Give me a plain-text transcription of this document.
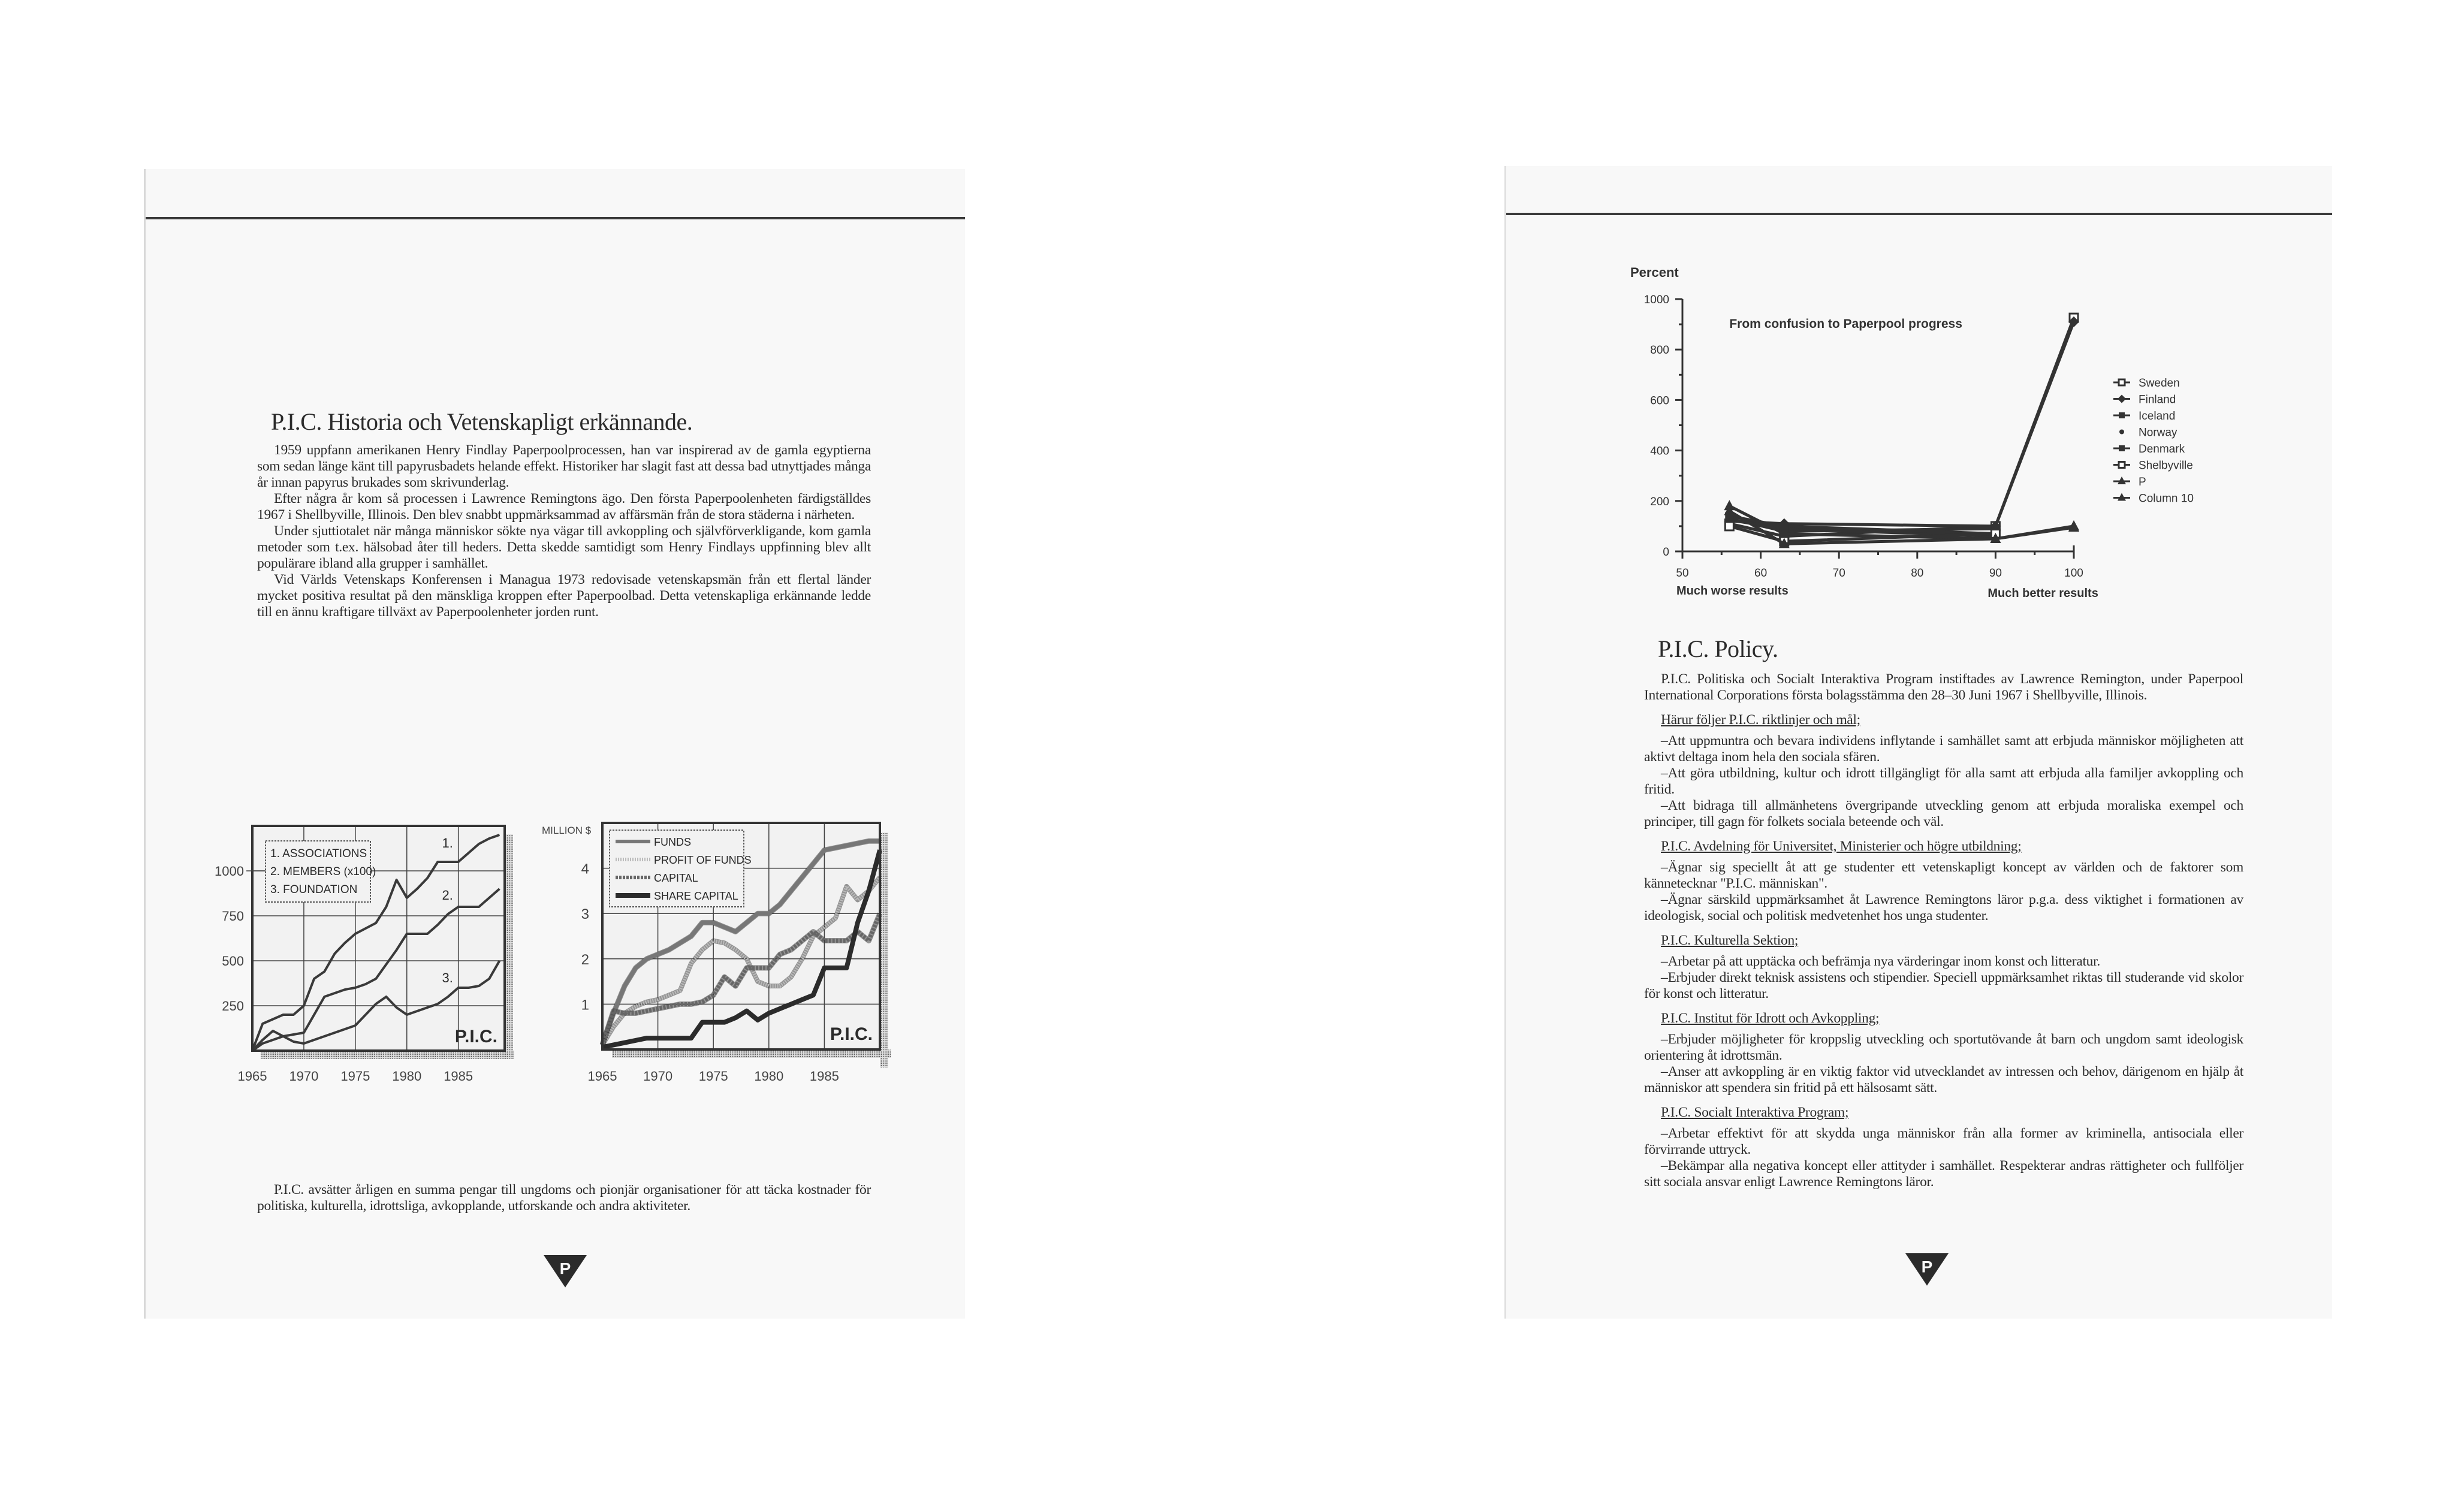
P.I.C. Historia och Vetenskapligt erkännande.

1959 uppfann amerikanen Henry Findlay Paperpoolprocessen, han var inspirerad av de gamla egyptierna som sedan länge känt till papyrusbadets helande effekt. Historiker har slagit fast att dessa bad utnyttjades många år innan papyrus brukades som skrivunderlag.

Efter några år kom så processen i Lawrence Remingtons ägo. Den första Paperpoolenheten färdigställdes 1967 i Shellbyville, Illinois. Den blev snabbt uppmärksammad av affärsmän från de stora städerna i närheten.

Under sjuttiotalet när många människor sökte nya vägar till avkoppling och självförverkligande, kom gamla metoder som t.ex. hälsobad åter till heders. Detta skedde samtidigt som Henry Findlays uppfinning blev allt populärare ibland alla grupper i samhället.

Vid Världs Vetenskaps Konferensen i Managua 1973 redovisade vetenskapsmän från ett flertal länder mycket positiva resultat på den mänskliga kroppen efter Paperpoolbad. Detta vetenskapliga erkännande ledde till en ännu kraftigare tillväxt av Paperpoolenheter jorden runt.

P.I.C. avsätter årligen en summa pengar till ungdoms och pionjär organisationer för att täcka kostnader för politiska, kulturella, idrottsliga, avkopplande, utforskande och andra aktiviteter.

P
1. ASSOCIATIONS
2. MEMBERS (x100)
3. FOUNDATION
1.
2.
3.
P.I.C.
250
500
750
1000
1965 1970 1975 1980 1985
FUNDS
PROFIT OF FUNDS
CAPITAL
SHARE CAPITAL
P.I.C.
MILLION $
1
2
3
4
1965 1970 1975 1980 1985
P.I.C. Policy.

P.I.C. Politiska och Socialt Interaktiva Program instiftades av Lawrence Remington, under Paperpool International Corporations första bolagsstämma den 28–30 Juni 1967 i Shellbyville, Illinois.

Härur följer P.I.C. riktlinjer och mål;

–Att uppmuntra och bevara individens inflytande i samhället samt att erbjuda människor möjligheten att aktivt deltaga inom hela den sociala sfären.

–Att göra utbildning, kultur och idrott tillgängligt för alla samt att erbjuda alla familjer avkoppling och fritid.

–Att bidraga till allmänhetens övergripande utveckling genom att erbjuda moraliska exempel och principer, till gagn för folkets sociala beteende och väl.

P.I.C. Avdelning för Universitet, Ministerier och högre utbildning;

–Ägnar sig speciellt åt att ge studenter ett vetenskapligt koncept av världen och de faktorer som kännetecknar "P.I.C. människan".

–Ägnar särskild uppmärksamhet åt Lawrence Remingtons läror p.g.a. dess viktighet i formationen av ideologisk, social och politisk medvetenhet hos unga studenter.

P.I.C. Kulturella Sektion;

–Arbetar på att upptäcka och befrämja nya värderingar inom konst och litteratur.

–Erbjuder direkt teknisk assistens och stipendier. Speciell uppmärksamhet riktas till studerande vid skolor för konst och litteratur.

P.I.C. Institut för Idrott och Avkoppling;

–Erbjuder möjligheter för kroppslig utveckling och sportutövande åt barn och ungdom samt ideologisk orientering åt idrottsmän.

–Anser att avkoppling är en viktig faktor vid utvecklandet av intressen och behov, därigenom en hjälp åt människor att spendera sin fritid på ett hälsosamt sätt.

P.I.C. Socialt Interaktiva Program;

–Arbetar effektivt för att skydda unga människor från alla former av kriminella, antisociala eller förvirrande uttryck.

–Bekämpar alla negativa koncept eller attityder i samhället. Respekterar andras rättigheter och fullföljer sitt sociala ansvar enligt Lawrence Remingtons läror.

P
Percent
0
200
400
600
800
1000
50	60	70	80	90	100
Much worse results	Much better results
From confusion to Paperpool progress
Sweden
Finland
Iceland
Norway
Denmark
Shelbyville
P
Column 10
